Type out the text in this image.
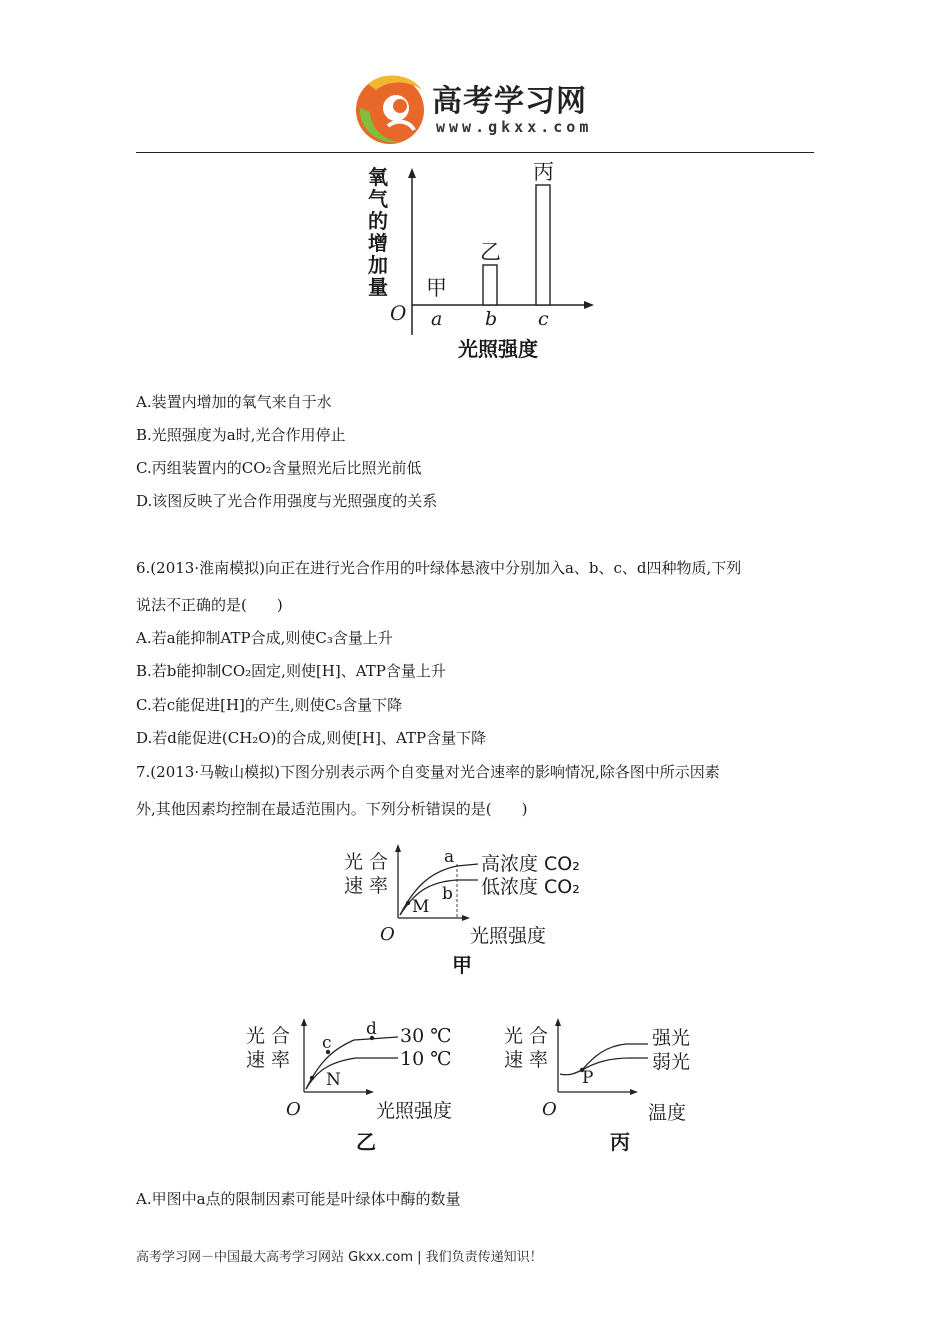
高考学习网
www.gkxx.com
氧气的增加量
O
光照强度
甲
a
乙
b
丙
c
A.装置内增加的氧气来自于水
B.光照强度为a时,光合作用停止
C.丙组装置内的CO₂含量照光后比照光前低
D.该图反映了光合作用强度与光照强度的关系
6.(2013·淮南模拟)向正在进行光合作用的叶绿体悬液中分别加入a、b、c、d四种物质,下列
说法不正确的是(　　)
A.若a能抑制ATP合成,则使C₃含量上升
B.若b能抑制CO₂固定,则使[H]、ATP含量上升
C.若c能促进[H]的产生,则使C₅含量下降
D.若d能促进(CH₂O)的合成,则使[H]、ATP含量下降
7.(2013·马鞍山模拟)下图分别表示两个自变量对光合速率的影响情况,除各图中所示因素
外,其他因素均控制在最适范围内。下列分析错误的是(　　)
光 合
速 率
a
b
M
高浓度 CO₂
低浓度 CO₂
O	光照强度
甲
光 合
速 率
c
d
N
30 ℃
10 ℃
O	光照强度
乙
光 合
速 率
P
强光
弱光
O	温度
丙
A.甲图中a点的限制因素可能是叶绿体中酶的数量
高考学习网－中国最大高考学习网站 Gkxx.com | 我们负责传递知识！
